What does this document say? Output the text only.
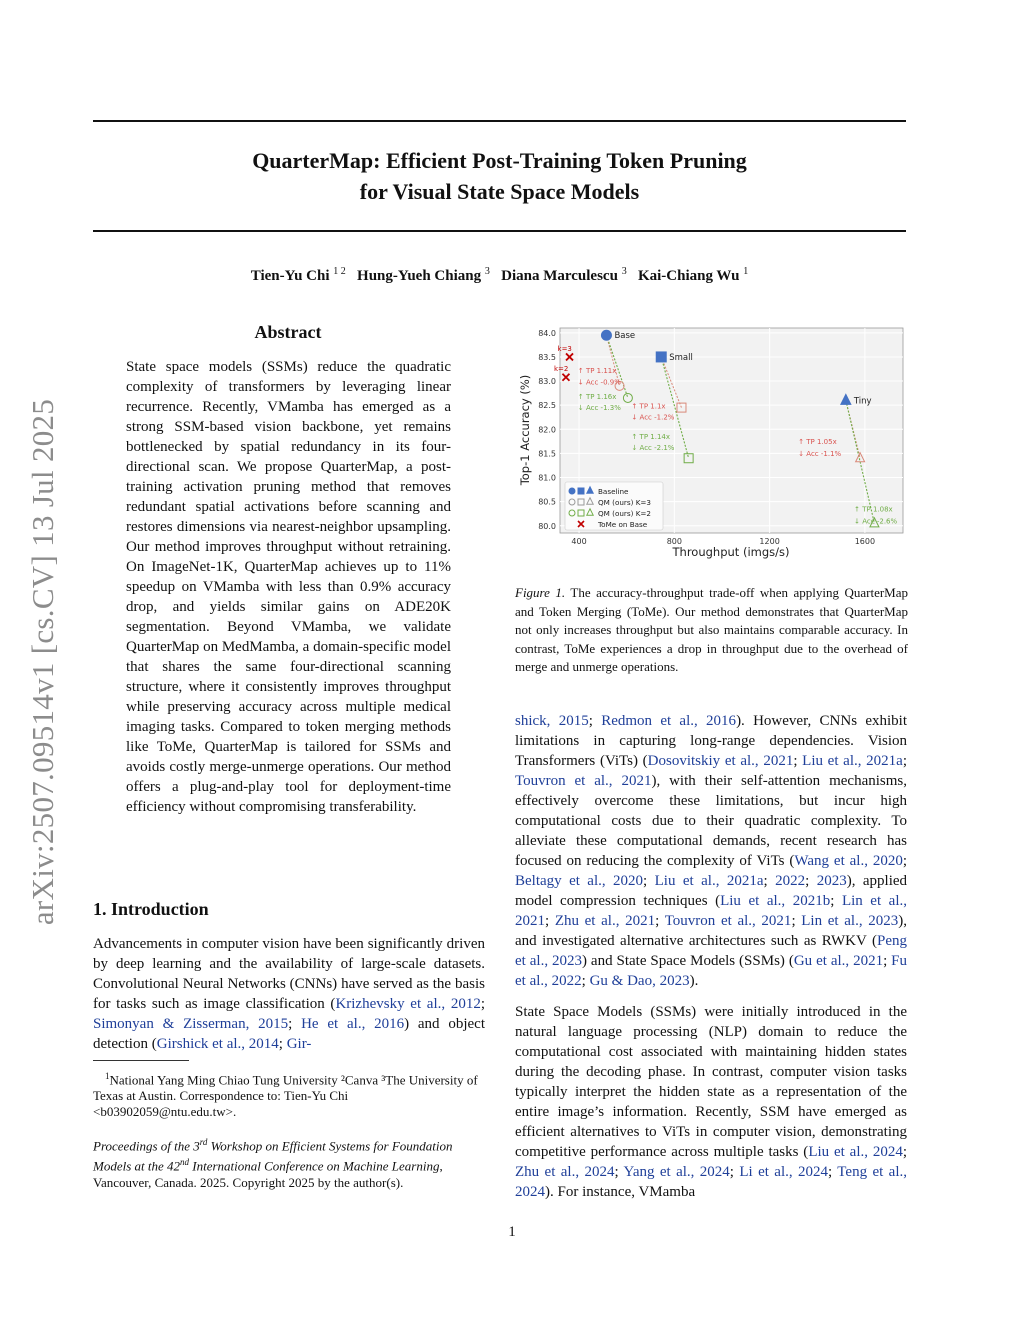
QuarterMap: Efficient Post-Training Token Pruning
for Visual State Space Models
Tien-Yu Chi $^{1 2}$ Hung-Yueh Chiang $^3$ Diana Marculescu $^3$ Kai-Chiang Wu $^1$
arXiv:2507.09514v1 [cs.CV] 13 Jul 2025
Abstract
State space models (SSMs) reduce the quadratic complexity of transformers by leveraging linear recurrence. Recently, VMamba has emerged as a strong SSM-based vision backbone, yet remains bottlenecked by spatial redundancy in its four-directional scan. We propose QuarterMap, a post-training activation pruning method that removes redundant spatial activations before scanning and restores dimensions via nearest-neighbor upsampling. Our method improves throughput without retraining. On ImageNet-1K, QuarterMap achieves up to 11% speedup on VMamba with less than 0.9% accuracy drop, and yields similar gains on ADE20K segmentation. Beyond VMamba, we validate QuarterMap on MedMamba, a domain-specific model that shares the same four-directional scanning structure, where it consistently improves throughput while preserving accuracy across multiple medical imaging tasks. Compared to token merging methods like ToMe, QuarterMap is tailored for SSMs and avoids costly merge-unmerge operations. Our method offers a plug-and-play tool for deployment-time efficiency without compromising transferability.
1. Introduction
Advancements in computer vision have been significantly driven by deep learning and the availability of large-scale datasets. Convolutional Neural Networks (CNNs) have served as the basis for tasks such as image classification (Krizhevsky et al., 2012; Simonyan & Zisserman, 2015; He et al., 2016) and object detection (Girshick et al., 2014; Gir-
$^1$National Yang Ming Chiao Tung University ²Canva ³The University of Texas at Austin. Correspondence to: Tien-Yu Chi <b03902059@ntu.edu.tw>.
Proceedings of the 3rd Workshop on Efficient Systems for Foundation Models at the 42nd International Conference on Machine Learning, Vancouver, Canada. 2025. Copyright 2025 by the author(s).
80.0
80.5
81.0
81.5
82.0
82.5
83.0
83.5
84.0
400	800	1200	1600
Base
Small
Tiny
k=3
k=2 ↑ TP 1.11x
↓ Acc -0.9%
↑ TP 1.16x
↓ Acc -1.3% ↑ TP 1.1x
↓ Acc -1.2%
↑ TP 1.14x
↓ Acc -2.1%
↑ TP 1.05x
↓ Acc -1.1%
↑ TP 1.08x
↓ Acc -2.6%
Baseline
QM (ours) K=3
QM (ours) K=2
ToMe on Base
Throughput (imgs/s)
Top-1 Accuracy (%)
Figure 1. The accuracy-throughput trade-off when applying QuarterMap and Token Merging (ToMe). Our method demonstrates that QuarterMap not only increases throughput but also maintains comparable accuracy. In contrast, ToMe experiences a drop in throughput due to the overhead of merge and unmerge operations.
shick, 2015; Redmon et al., 2016). However, CNNs exhibit limitations in capturing long-range dependencies. Vision Transformers (ViTs) (Dosovitskiy et al., 2021; Liu et al., 2021a; Touvron et al., 2021), with their self-attention mechanisms, effectively overcome these limitations, but incur high computational costs due to their quadratic complexity. To alleviate these computational demands, recent research has focused on reducing the complexity of ViTs (Wang et al., 2020; Beltagy et al., 2020; Liu et al., 2021a; 2022; 2023), applied model compression techniques (Liu et al., 2021b; Lin et al., 2021; Zhu et al., 2021; Touvron et al., 2021; Lin et al., 2023), and investigated alternative architectures such as RWKV (Peng et al., 2023) and State Space Models (SSMs) (Gu et al., 2021; Fu et al., 2022; Gu & Dao, 2023).
State Space Models (SSMs) were initially introduced in the natural language processing (NLP) domain to reduce the computational cost associated with maintaining hidden states during the decoding phase. In contrast, computer vision tasks typically interpret the hidden state as a representation of the entire image’s information. Recently, SSM have emerged as efficient alternatives to ViTs in computer vision, demonstrating competitive performance across multiple tasks (Liu et al., 2024; Zhu et al., 2024; Yang et al., 2024; Li et al., 2024; Teng et al., 2024). For instance, VMamba
1
